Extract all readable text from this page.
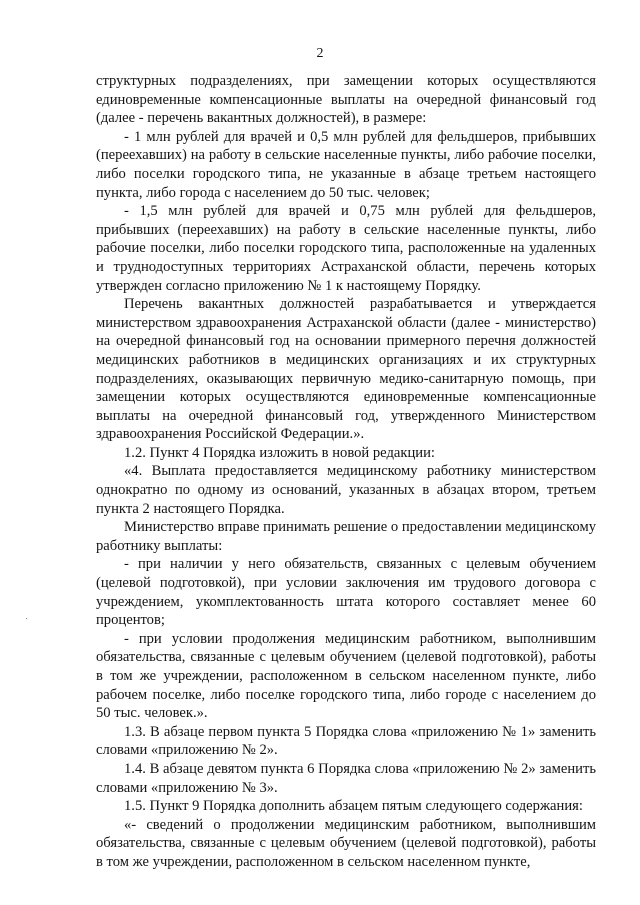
2

структурных подразделениях, при замещении которых осуществляются единовременные компенсационные выплаты на очередной финансовый год (далее - перечень вакантных должностей), в размере:

- 1 млн рублей для врачей и 0,5 млн рублей для фельдшеров, прибывших (переехавших) на работу в сельские населенные пункты, либо рабочие поселки, либо поселки городского типа, не указанные в абзаце третьем настоящего пункта, либо города с населением до 50 тыс. человек;

- 1,5 млн рублей для врачей и 0,75 млн рублей для фельдшеров, прибывших (переехавших) на работу в сельские населенные пункты, либо рабочие поселки, либо поселки городского типа, расположенные на удаленных и труднодоступных территориях Астраханской области, перечень которых утвержден согласно приложению № 1 к настоящему Порядку.

Перечень вакантных должностей разрабатывается и утверждается министерством здравоохранения Астраханской области (далее - министерство) на очередной финансовый год на основании примерного перечня должностей медицинских работников в медицинских организациях и их структурных подразделениях, оказывающих первичную медико-санитарную помощь, при замещении которых осуществляются единовременные компенсационные выплаты на очередной финансовый год, утвержденного Министерством здравоохранения Российской Федерации.».

1.2. Пункт 4 Порядка изложить в новой редакции:

«4. Выплата предоставляется медицинскому работнику министерством однократно по одному из оснований, указанных в абзацах втором, третьем пункта 2 настоящего Порядка.

Министерство вправе принимать решение о предоставлении медицинскому работнику выплаты:

- при наличии у него обязательств, связанных с целевым обучением (целевой подготовкой), при условии заключения им трудового договора с учреждением, укомплектованность штата которого составляет менее 60 процентов;

- при условии продолжения медицинским работником, выполнившим обязательства, связанные с целевым обучением (целевой подготовкой), работы в том же учреждении, расположенном в сельском населенном пункте, либо рабочем поселке, либо поселке городского типа, либо городе с населением до 50 тыс. человек.».

1.3. В абзаце первом пункта 5 Порядка слова «приложению № 1» заменить словами «приложению № 2».

1.4. В абзаце девятом пункта 6 Порядка слова «приложению № 2» заменить словами «приложению № 3».

1.5. Пункт 9 Порядка дополнить абзацем пятым следующего содержания:

«- сведений о продолжении медицинским работником, выполнившим обязательства, связанные с целевым обучением (целевой подготовкой), работы в том же учреждении, расположенном в сельском населенном пункте,
